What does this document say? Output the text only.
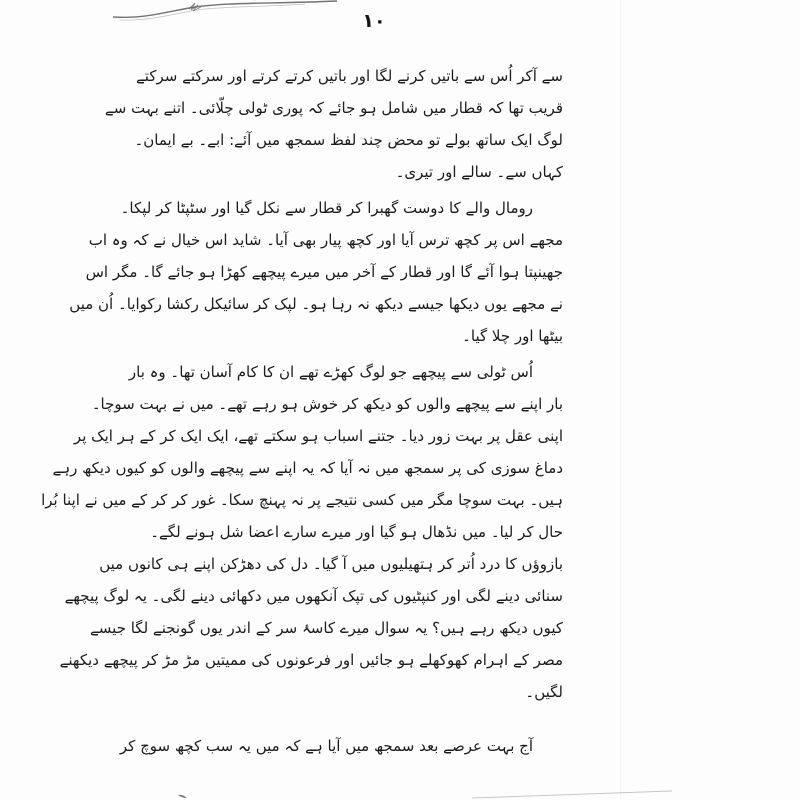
۱۰
سے آکر اُس سے باتیں کرنے لگا اور باتیں کرتے کرتے اور سرکتے سرکتے
قریب تھا کہ قطار میں شامل ہو جائے کہ پوری ٹولی چلّائی۔ اتنے بہت سے
لوگ ایک ساتھ بولے تو محض چند لفظ سمجھ میں آئے: ابے۔ بے ایمان۔
کہاں سے۔ سالے اور تیری۔
رومال والے کا دوست گھبرا کر قطار سے نکل گیا اور سٹپٹا کر لپکا۔
مجھے اس پر کچھ ترس آیا اور کچھ پیار بھی آیا۔ شاید اس خیال نے کہ وہ اب
جھینپتا ہوا آئے گا اور قطار کے آخر میں میرے پیچھے کھڑا ہو جائے گا۔ مگر اس
نے مجھے یوں دیکھا جیسے دیکھ نہ رہا ہو۔ لپک کر سائیکل رکشا رکوایا۔ اُن میں
بیٹھا اور چلا گیا۔
اُس ٹولی سے پیچھے جو لوگ کھڑے تھے ان کا کام آسان تھا۔ وہ بار
بار اپنے سے پیچھے والوں کو دیکھ کر خوش ہو رہے تھے۔ میں نے بہت سوچا۔
اپنی عقل پر بہت زور دیا۔ جتنے اسباب ہو سکتے تھے، ایک ایک کر کے ہر ایک پر
دماغ سوزی کی پر سمجھ میں نہ آیا کہ یہ اپنے سے پیچھے والوں کو کیوں دیکھ رہے
ہیں۔ بہت سوچا مگر میں کسی نتیجے پر نہ پہنچ سکا۔ غور کر کر کے میں نے اپنا بُرا
حال کر لیا۔ میں نڈھال ہو گیا اور میرے سارے اعضا شل ہونے لگے۔
بازوؤں کا درد اُتر کر ہتھیلیوں میں آ گیا۔ دل کی دھڑکن اپنے ہی کانوں میں
سنائی دینے لگی اور کنپٹیوں کی تپک آنکھوں میں دکھائی دینے لگی۔ یہ لوگ پیچھے
کیوں دیکھ رہے ہیں؟ یہ سوال میرے کاسۂ سر کے اندر یوں گونجنے لگا جیسے
مصر کے اہرام کھوکھلے ہو جائیں اور فرعونوں کی ممیتیں مڑ مڑ کر پیچھے دیکھنے
لگیں۔
آج بہت عرصے بعد سمجھ میں آیا ہے کہ میں یہ سب کچھ سوچ کر
